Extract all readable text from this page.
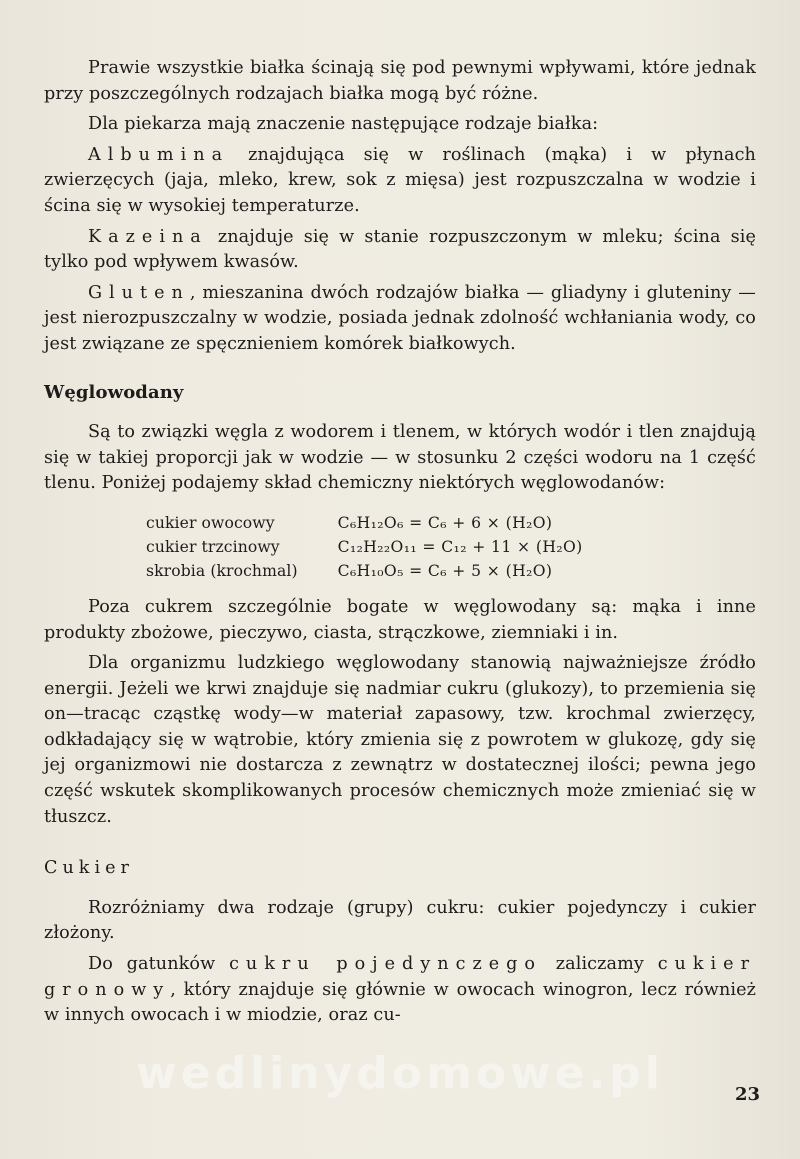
Prawie wszystkie białka ścinają się pod pewnymi wpływami, które jednak przy poszczególnych rodzajach białka mogą być różne.

Dla piekarza mają znaczenie następujące rodzaje białka:

Albumina znajdująca się w roślinach (mąka) i w płynach zwierzęcych (jaja, mleko, krew, sok z mięsa) jest rozpuszczalna w wodzie i ścina się w wysokiej temperaturze.

Kazeina znajduje się w stanie rozpuszczonym w mleku; ścina się tylko pod wpływem kwasów.

Gluten, mieszanina dwóch rodzajów białka — gliadyny i gluteniny — jest nierozpuszczalny w wodzie, posiada jednak zdolność wchłaniania wody, co jest związane ze spęcznieniem komórek białkowych.

Węglowodany

Są to związki węgla z wodorem i tlenem, w których wodór i tlen znajdują się w takiej proporcji jak w wodzie — w stosunku 2 części wodoru na 1 część tlenu. Poniżej podajemy skład chemiczny niektórych węglowodanów:

cukier owocowy	C₆H₁₂O₆ = C₆ + 6 × (H₂O)
cukier trzcinowy	C₁₂H₂₂O₁₁ = C₁₂ + 11 × (H₂O)
skrobia (krochmal)	C₆H₁₀O₅ = C₆ + 5 × (H₂O)

Poza cukrem szczególnie bogate w węglowodany są: mąka i inne produkty zbożowe, pieczywo, ciasta, strączkowe, ziemniaki i in.

Dla organizmu ludzkiego węglowodany stanowią najważniejsze źródło energii. Jeżeli we krwi znajduje się nadmiar cukru (glukozy), to przemienia się on—tracąc cząstkę wody—w materiał zapasowy, tzw. krochmal zwierzęcy, odkładający się w wątrobie, który zmienia się z powrotem w glukozę, gdy się jej organizmowi nie dostarcza z zewnątrz w dostatecznej ilości; pewna jego część wskutek skomplikowanych procesów chemicznych może zmieniać się w tłuszcz.

Cukier

Rozróżniamy dwa rodzaje (grupy) cukru: cukier pojedynczy i cukier złożony.

Do gatunków cukru pojedynczego zaliczamy cukier gronowy, który znajduje się głównie w owocach winogron, lecz również w innych owocach i w miodzie, oraz cu-

wedlinydomowe.pl	23
